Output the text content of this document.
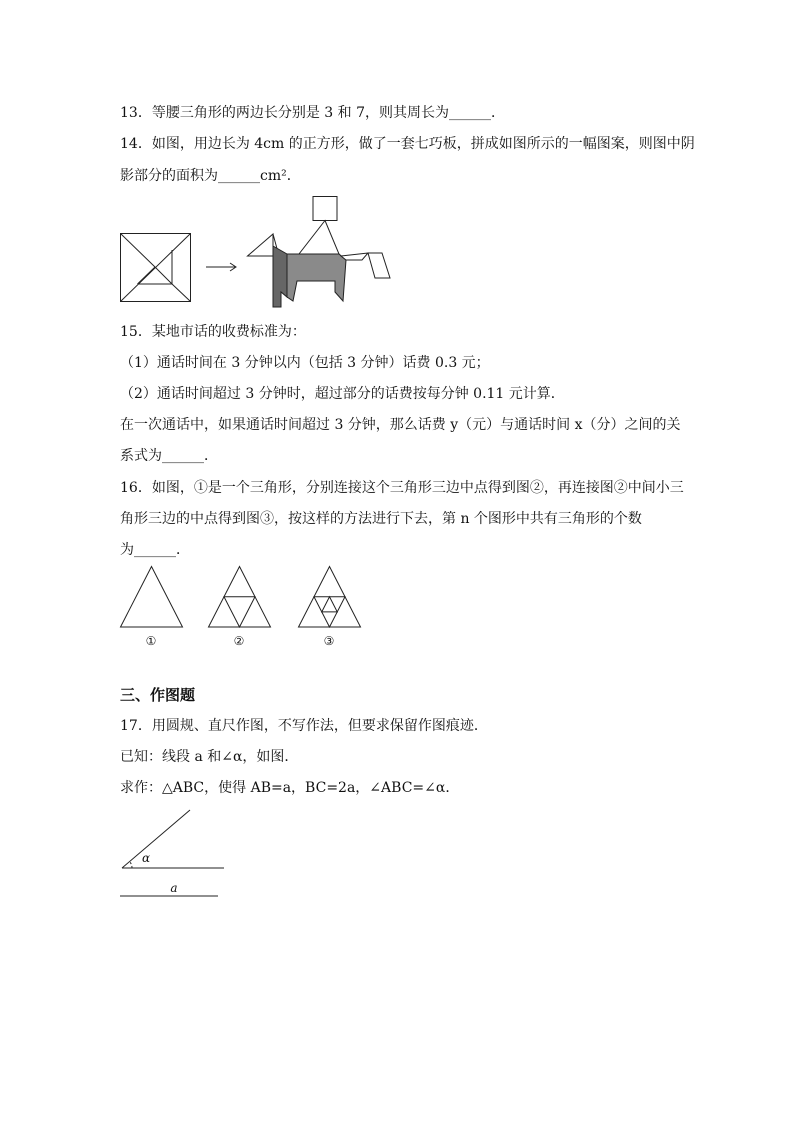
13．等腰三角形的两边长分别是 3 和 7，则其周长为______．
14．如图，用边长为 4cm 的正方形，做了一套七巧板，拼成如图所示的一幅图案，则图中阴
影部分的面积为______cm²．
15．某地市话的收费标准为：
（1）通话时间在 3 分钟以内（包括 3 分钟）话费 0.3 元；
（2）通话时间超过 3 分钟时，超过部分的话费按每分钟 0.11 元计算．
在一次通话中，如果通话时间超过 3 分钟，那么话费 y（元）与通话时间 x（分）之间的关
系式为______．
16．如图，①是一个三角形，分别连接这个三角形三边中点得到图②，再连接图②中间小三
角形三边的中点得到图③，按这样的方法进行下去，第 n 个图形中共有三角形的个数
为______．
①	②	③
三、作图题
17．用圆规、直尺作图，不写作法，但要求保留作图痕迹．
已知：线段 a 和∠α，如图．
求作：△ABC，使得 AB=a，BC=2a，∠ABC=∠α．
α
a
